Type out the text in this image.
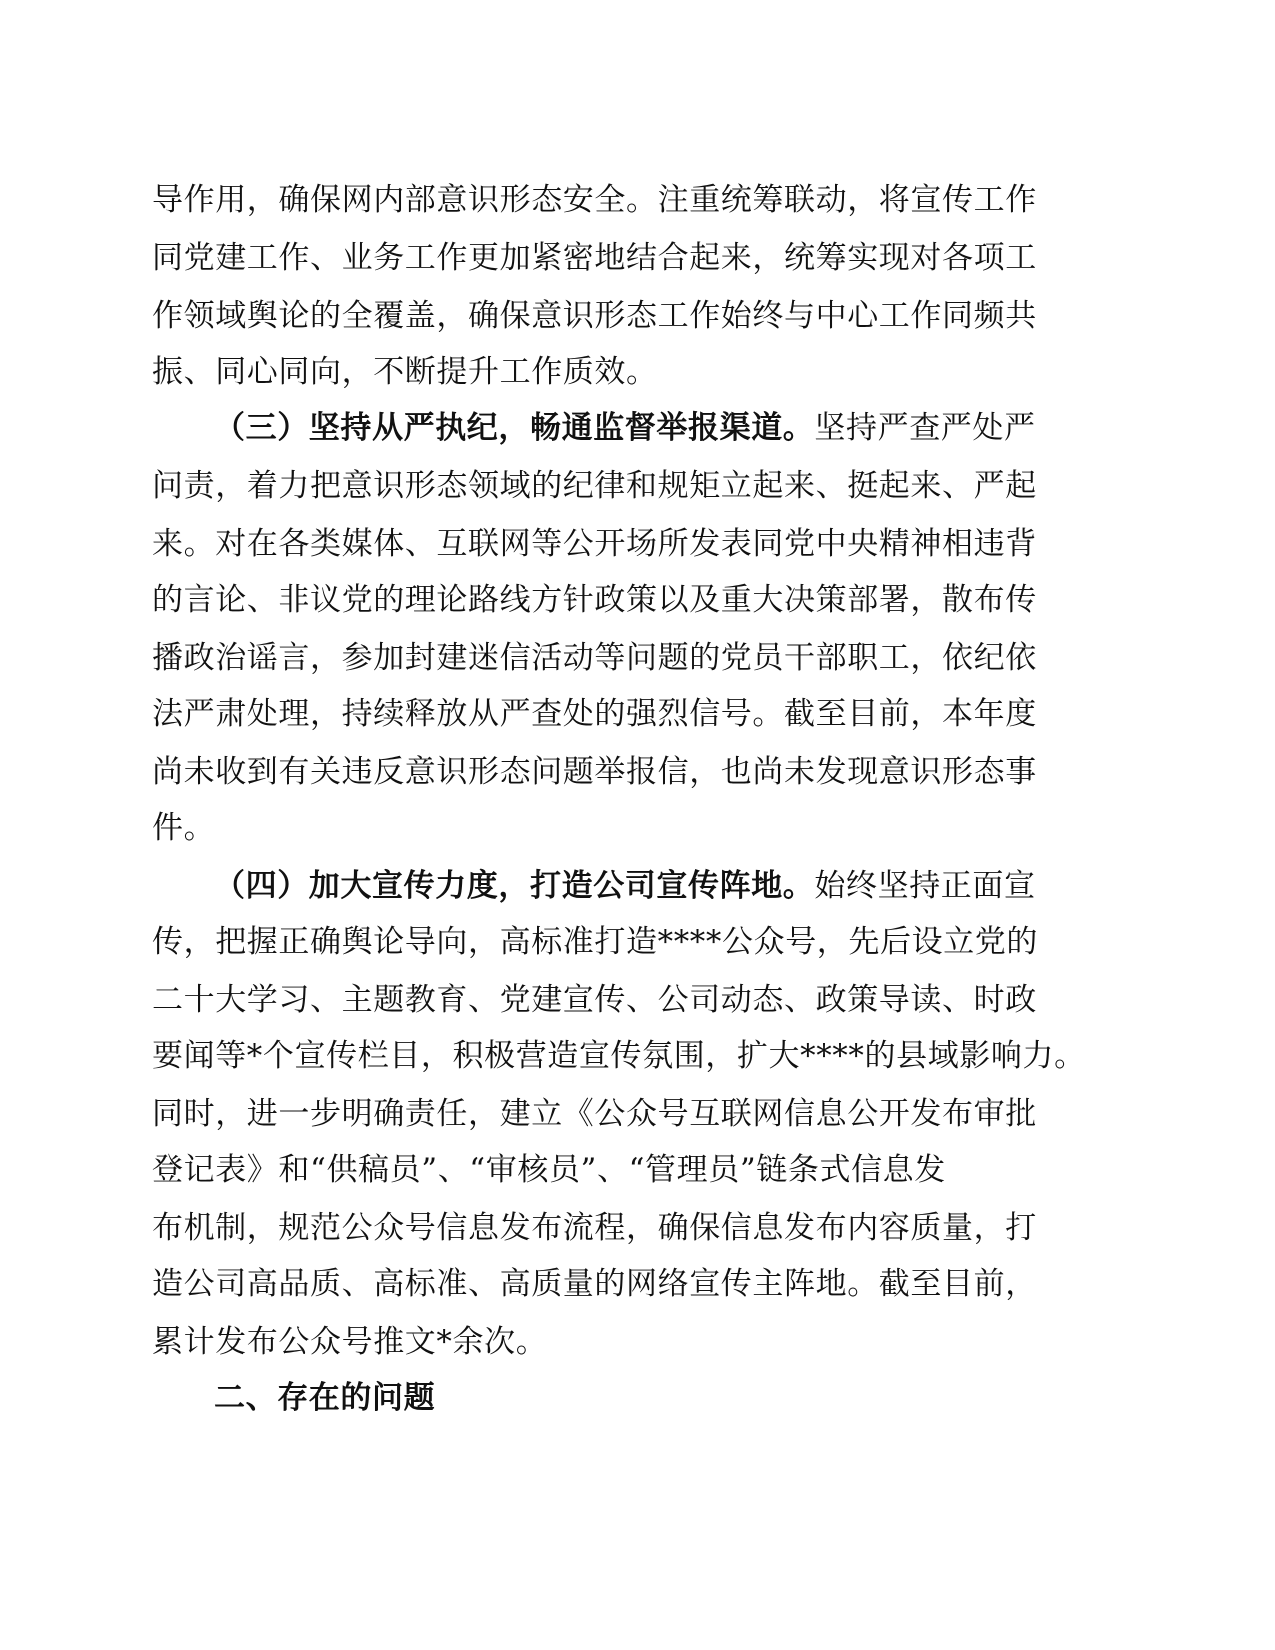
导作用，确保网内部意识形态安全。注重统筹联动，将宣传工作
同党建工作、业务工作更加紧密地结合起来，统筹实现对各项工
作领域舆论的全覆盖，确保意识形态工作始终与中心工作同频共
振、同心同向，不断提升工作质效。
（三）坚持从严执纪，畅通监督举报渠道。坚持严查严处严
问责，着力把意识形态领域的纪律和规矩立起来、挺起来、严起
来。对在各类媒体、互联网等公开场所发表同党中央精神相违背
的言论、非议党的理论路线方针政策以及重大决策部署，散布传
播政治谣言，参加封建迷信活动等问题的党员干部职工，依纪依
法严肃处理，持续释放从严查处的强烈信号。截至目前，本年度
尚未收到有关违反意识形态问题举报信，也尚未发现意识形态事
件。
（四）加大宣传力度，打造公司宣传阵地。始终坚持正面宣
传，把握正确舆论导向，高标准打造****公众号，先后设立党的
二十大学习、主题教育、党建宣传、公司动态、政策导读、时政
要闻等*个宣传栏目，积极营造宣传氛围，扩大****的县域影响力。
同时，进一步明确责任，建立《公众号互联网信息公开发布审批
登记表》和“供稿员”、“审核员”、“管理员”链条式信息发
布机制，规范公众号信息发布流程，确保信息发布内容质量，打
造公司高品质、高标准、高质量的网络宣传主阵地。截至目前，
累计发布公众号推文*余次。
二、存在的问题
